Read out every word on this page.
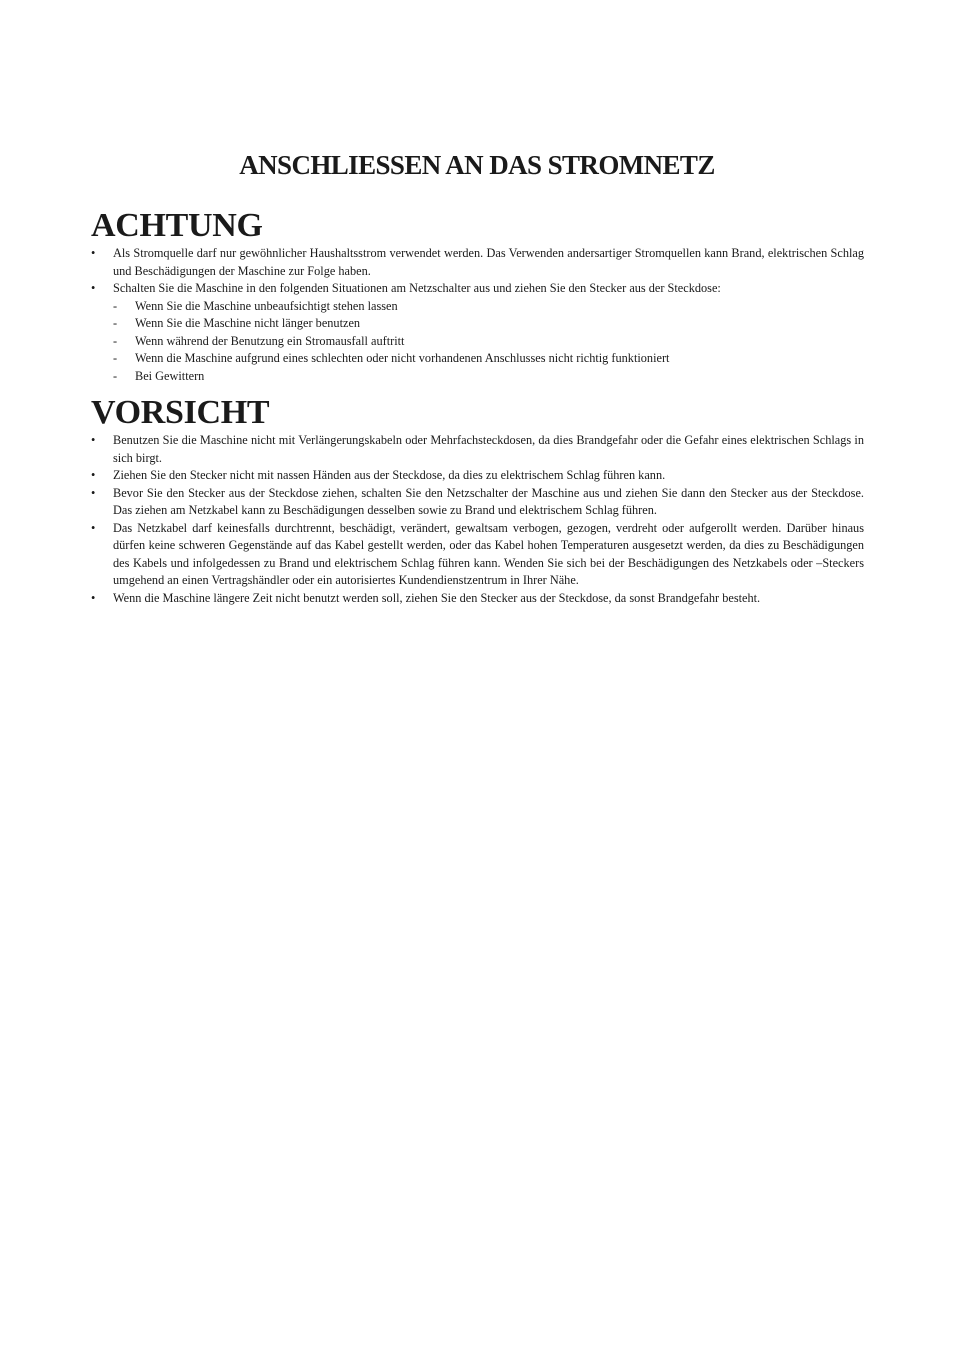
ANSCHLIESSEN AN DAS STROMNETZ
ACHTUNG
• Als Stromquelle darf nur gewöhnlicher Haushaltsstrom verwendet werden. Das Verwenden andersartiger Stromquellen kann Brand, elektrischen Schlag und Beschädigungen der Maschine zur Folge haben.
• Schalten Sie die Maschine in den folgenden Situationen am Netzschalter aus und ziehen Sie den Stecker aus der Steckdose:
- Wenn Sie die Maschine unbeaufsichtigt stehen lassen
- Wenn Sie die Maschine nicht länger benutzen
- Wenn während der Benutzung ein Stromausfall auftritt
- Wenn die Maschine aufgrund eines schlechten oder nicht vorhandenen Anschlusses nicht richtig funktioniert
- Bei Gewittern
VORSICHT
• Benutzen Sie die Maschine nicht mit Verlängerungskabeln oder Mehrfachsteckdosen, da dies Brandgefahr oder die Gefahr eines elektrischen Schlags in sich birgt.
• Ziehen Sie den Stecker nicht mit nassen Händen aus der Steckdose, da dies zu elektrischem Schlag führen kann.
• Bevor Sie den Stecker aus der Steckdose ziehen, schalten Sie den Netzschalter der Maschine aus und ziehen Sie dann den Stecker aus der Steckdose. Das ziehen am Netzkabel kann zu Beschädigungen desselben sowie zu Brand und elektrischem Schlag führen.
• Das Netzkabel darf keinesfalls durchtrennt, beschädigt, verändert, gewaltsam verbogen, gezogen, verdreht oder aufgerollt werden. Darüber hinaus dürfen keine schweren Gegenstände auf das Kabel gestellt werden, oder das Kabel hohen Temperaturen ausgesetzt werden, da dies zu Beschädigungen des Kabels und infolgedessen zu Brand und elektrischem Schlag führen kann. Wenden Sie sich bei der Beschädigungen des Netzkabels oder –Steckers umgehend an einen Vertragshändler oder ein autorisiertes Kundendienstzentrum in Ihrer Nähe.
• Wenn die Maschine längere Zeit nicht benutzt werden soll, ziehen Sie den Stecker aus der Steckdose, da sonst Brandgefahr besteht.
